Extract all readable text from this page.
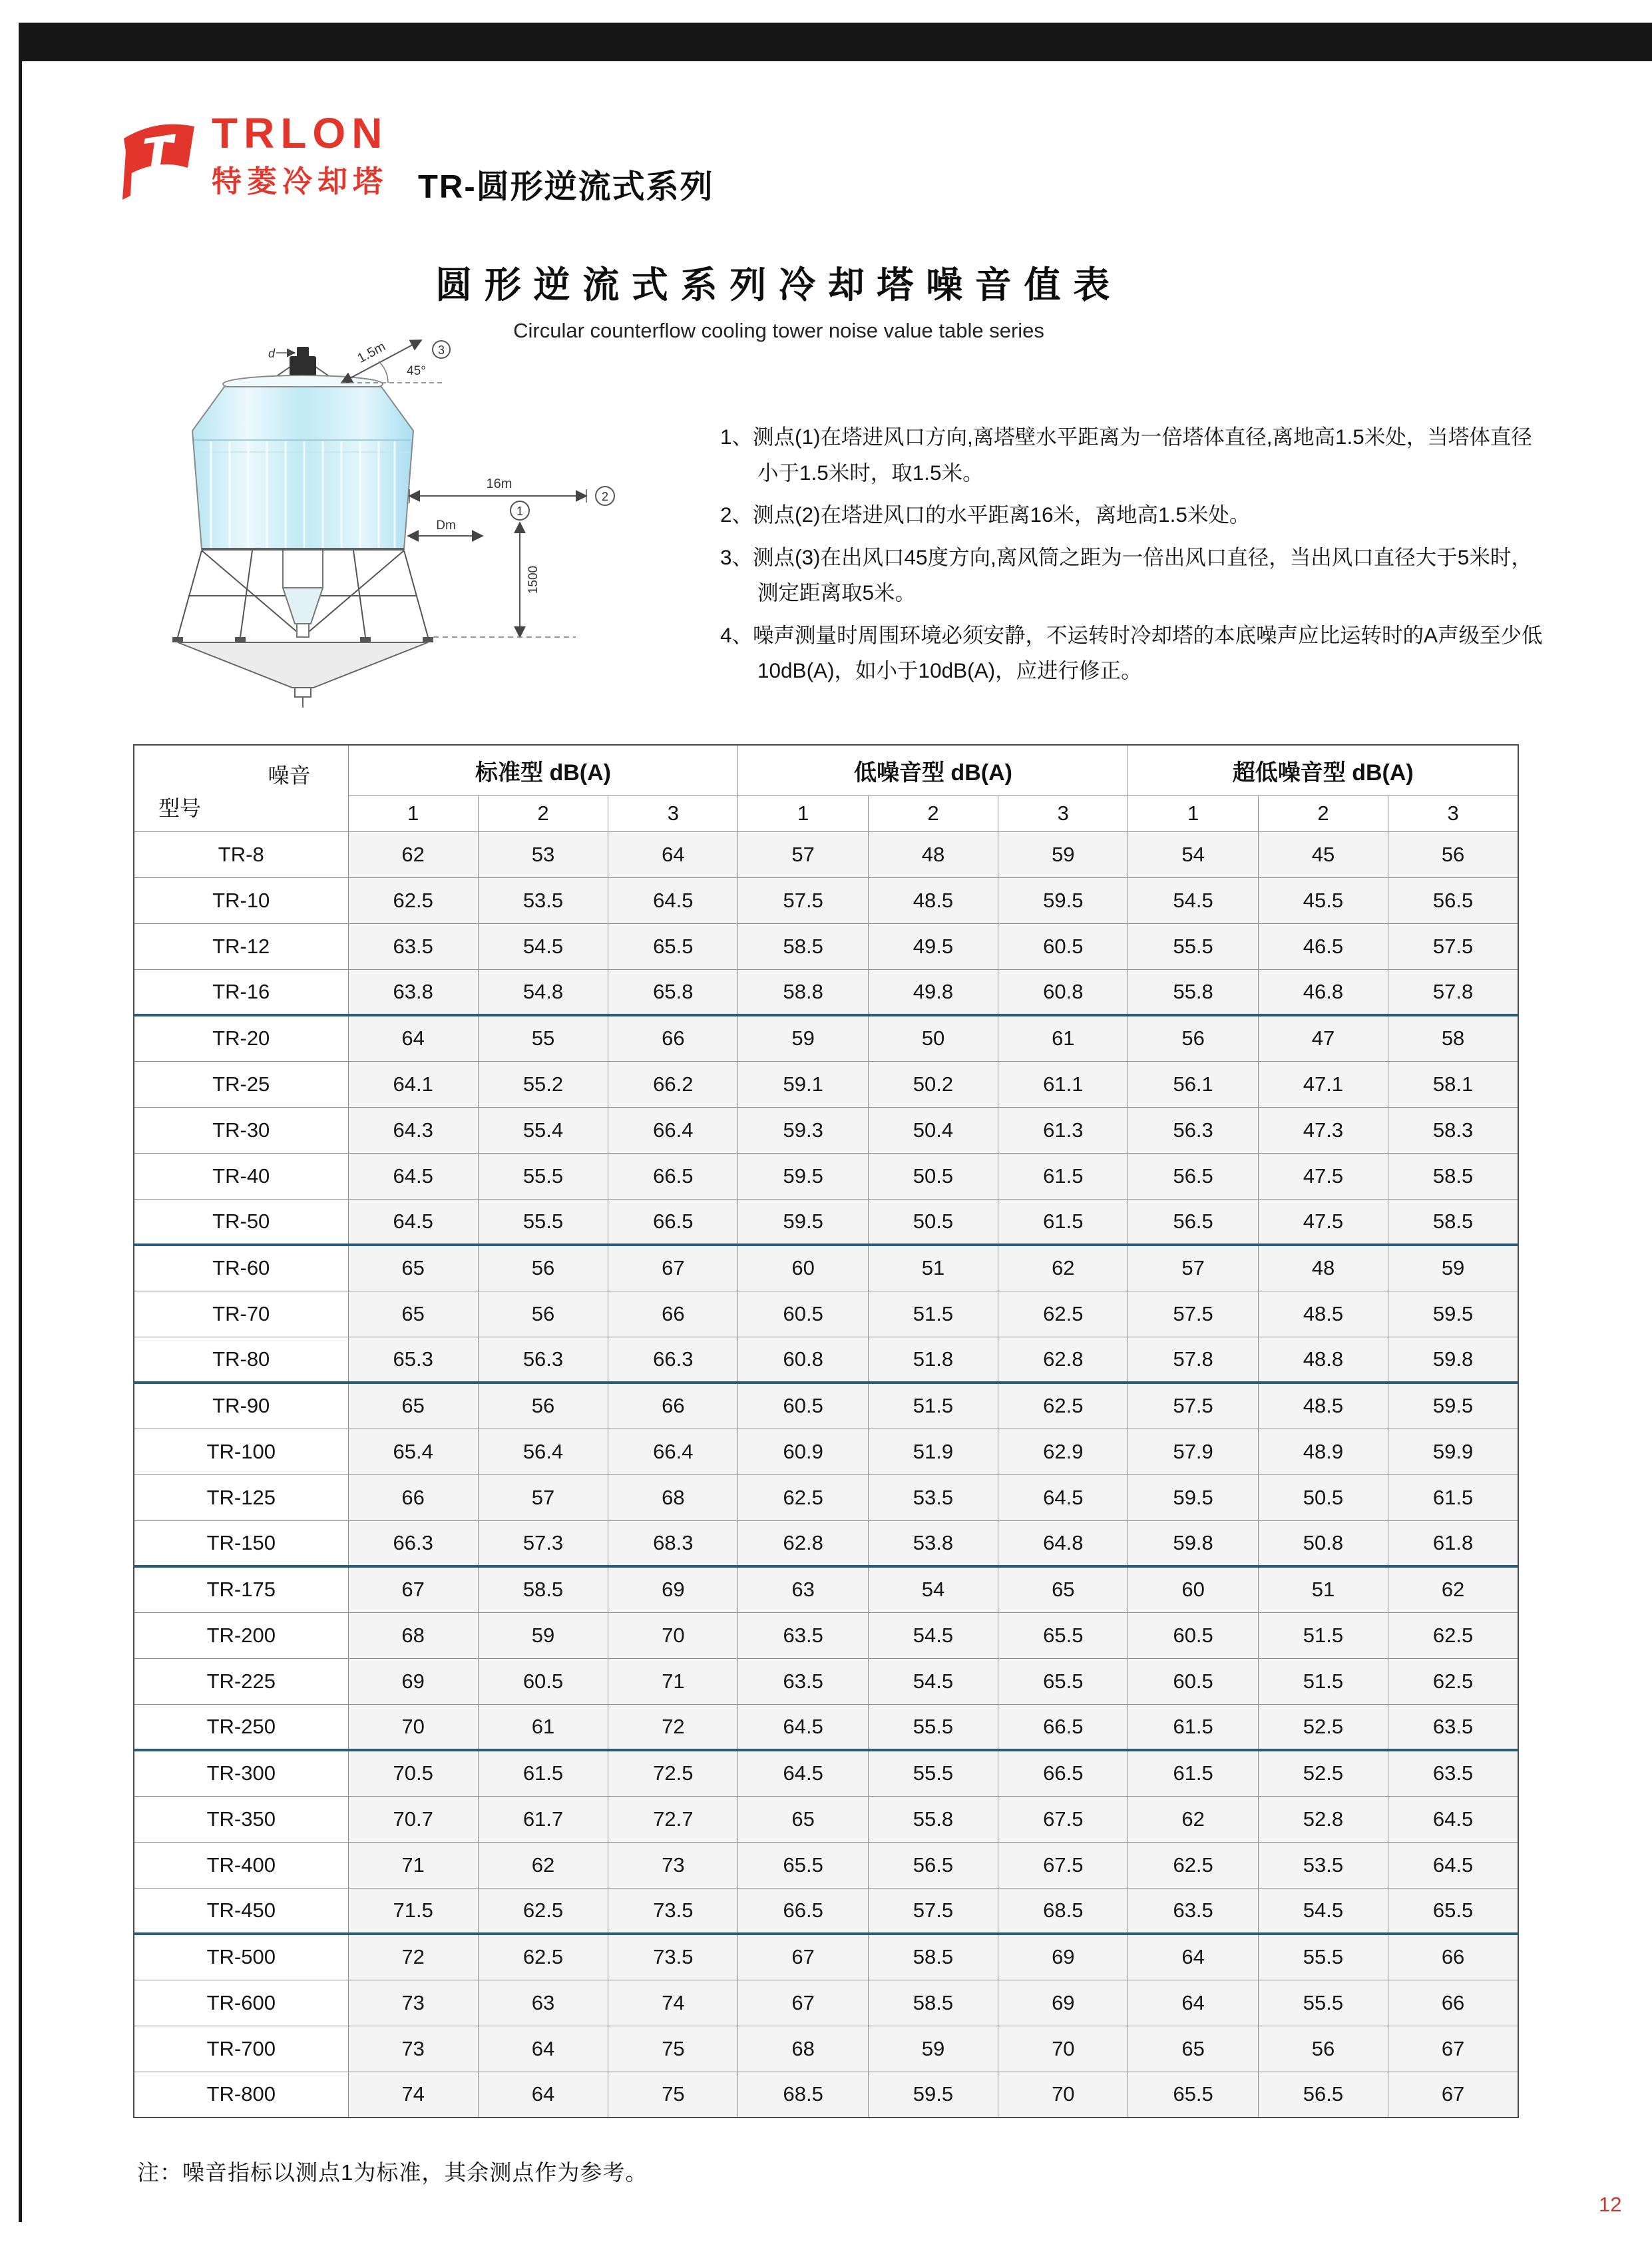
TRLON
特菱冷却塔 TR-圆形逆流式系列
圆形逆流式系列冷却塔噪音值表
Circular counterflow cooling tower noise value table series
d	1.5m
45°
3
16m
2
Dm
1
1500

1、测点(1)在塔进风口方向,离塔壁水平距离为一倍塔体直径,离地高1.5米处，当塔体直径小于1.5米时，取1.5米。

2、测点(2)在塔进风口的水平距离16米，离地高1.5米处。

3、测点(3)在出风口45度方向,离风筒之距为一倍出风口直径，当出风口直径大于5米时，测定距离取5米。

4、噪声测量时周围环境必须安静，不运转时冷却塔的本底噪声应比运转时的A声级至少低10dB(A)，如小于10dB(A)，应进行修正。

噪音
型号	标准型 dB(A)			低噪音型 dB(A)			超低噪音型 dB(A)		
	1	2	3	1	2	3	1	2	3
TR-8	62	53	64	57	48	59	54	45	56
TR-10	62.5	53.5	64.5	57.5	48.5	59.5	54.5	45.5	56.5
TR-12	63.5	54.5	65.5	58.5	49.5	60.5	55.5	46.5	57.5
TR-16	63.8	54.8	65.8	58.8	49.8	60.8	55.8	46.8	57.8
TR-20	64	55	66	59	50	61	56	47	58
TR-25	64.1	55.2	66.2	59.1	50.2	61.1	56.1	47.1	58.1
TR-30	64.3	55.4	66.4	59.3	50.4	61.3	56.3	47.3	58.3
TR-40	64.5	55.5	66.5	59.5	50.5	61.5	56.5	47.5	58.5
TR-50	64.5	55.5	66.5	59.5	50.5	61.5	56.5	47.5	58.5
TR-60	65	56	67	60	51	62	57	48	59
TR-70	65	56	66	60.5	51.5	62.5	57.5	48.5	59.5
TR-80	65.3	56.3	66.3	60.8	51.8	62.8	57.8	48.8	59.8
TR-90	65	56	66	60.5	51.5	62.5	57.5	48.5	59.5
TR-100	65.4	56.4	66.4	60.9	51.9	62.9	57.9	48.9	59.9
TR-125	66	57	68	62.5	53.5	64.5	59.5	50.5	61.5
TR-150	66.3	57.3	68.3	62.8	53.8	64.8	59.8	50.8	61.8
TR-175	67	58.5	69	63	54	65	60	51	62
TR-200	68	59	70	63.5	54.5	65.5	60.5	51.5	62.5
TR-225	69	60.5	71	63.5	54.5	65.5	60.5	51.5	62.5
TR-250	70	61	72	64.5	55.5	66.5	61.5	52.5	63.5
TR-300	70.5	61.5	72.5	64.5	55.5	66.5	61.5	52.5	63.5
TR-350	70.7	61.7	72.7	65	55.8	67.5	62	52.8	64.5
TR-400	71	62	73	65.5	56.5	67.5	62.5	53.5	64.5
TR-450	71.5	62.5	73.5	66.5	57.5	68.5	63.5	54.5	65.5
TR-500	72	62.5	73.5	67	58.5	69	64	55.5	66
TR-600	73	63	74	67	58.5	69	64	55.5	66
TR-700	73	64	75	68	59	70	65	56	67
TR-800	74	64	75	68.5	59.5	70	65.5	56.5	67
注：噪音指标以测点1为标准，其余测点作为参考。
12
